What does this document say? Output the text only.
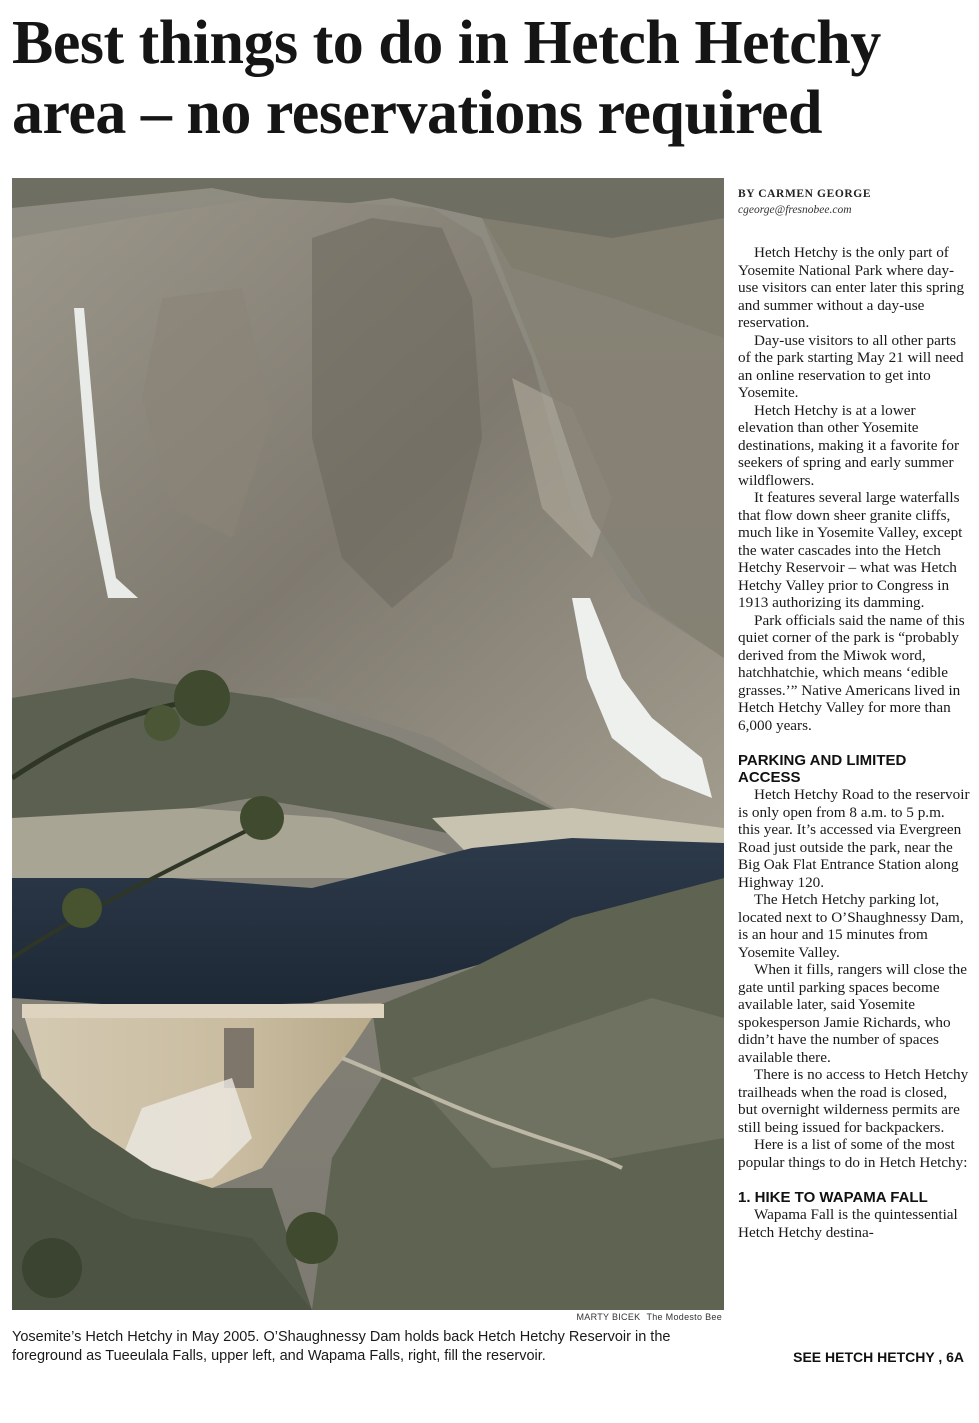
Best things to do in Hetch Hetchy area – no reservations required
MARTY BICEK The Modesto Bee

Yosemite’s Hetch Hetchy in May 2005. O’Shaughnessy Dam holds back Hetch Hetchy Reservoir in the foreground as Tueeulala Falls, upper left, and Wapama Falls, right, fill the reservoir.

BY CARMEN GEORGE

cgeorge@fresnobee.com

Hetch Hetchy is the only part of Yosemite National Park where day-use visitors can enter later this spring and summer without a day-use reservation.

Day-use visitors to all other parts of the park starting May 21 will need an online reservation to get into Yosemite.

Hetch Hetchy is at a lower elevation than other Yosemite destinations, making it a favorite for seekers of spring and early summer wildflowers.

It features several large waterfalls that flow down sheer granite cliffs, much like in Yosemite Valley, except the water cascades into the Hetch Hetchy Reservoir – what was Hetch Hetchy Valley prior to Congress in 1913 authorizing its damming.

Park officials said the name of this quiet corner of the park is “probably derived from the Miwok word, hatchhatchie, which means ‘edible grasses.’” Native Americans lived in Hetch Hetchy Valley for more than 6,000 years.

PARKING AND LIMITED ACCESS

Hetch Hetchy Road to the reservoir is only open from 8 a.m. to 5 p.m. this year. It’s accessed via Evergreen Road just outside the park, near the Big Oak Flat Entrance Station along Highway 120.

The Hetch Hetchy parking lot, located next to O’Shaughnessy Dam, is an hour and 15 minutes from Yosemite Valley.

When it fills, rangers will close the gate until parking spaces become available later, said Yosemite spokesperson Jamie Richards, who didn’t have the number of spaces available there.

There is no access to Hetch Hetchy trailheads when the road is closed, but overnight wilderness permits are still being issued for backpackers.

Here is a list of some of the most popular things to do in Hetch Hetchy:

1. HIKE TO WAPAMA FALL

Wapama Fall is the quintessential Hetch Hetchy destina-

SEE HETCH HETCHY , 6A
